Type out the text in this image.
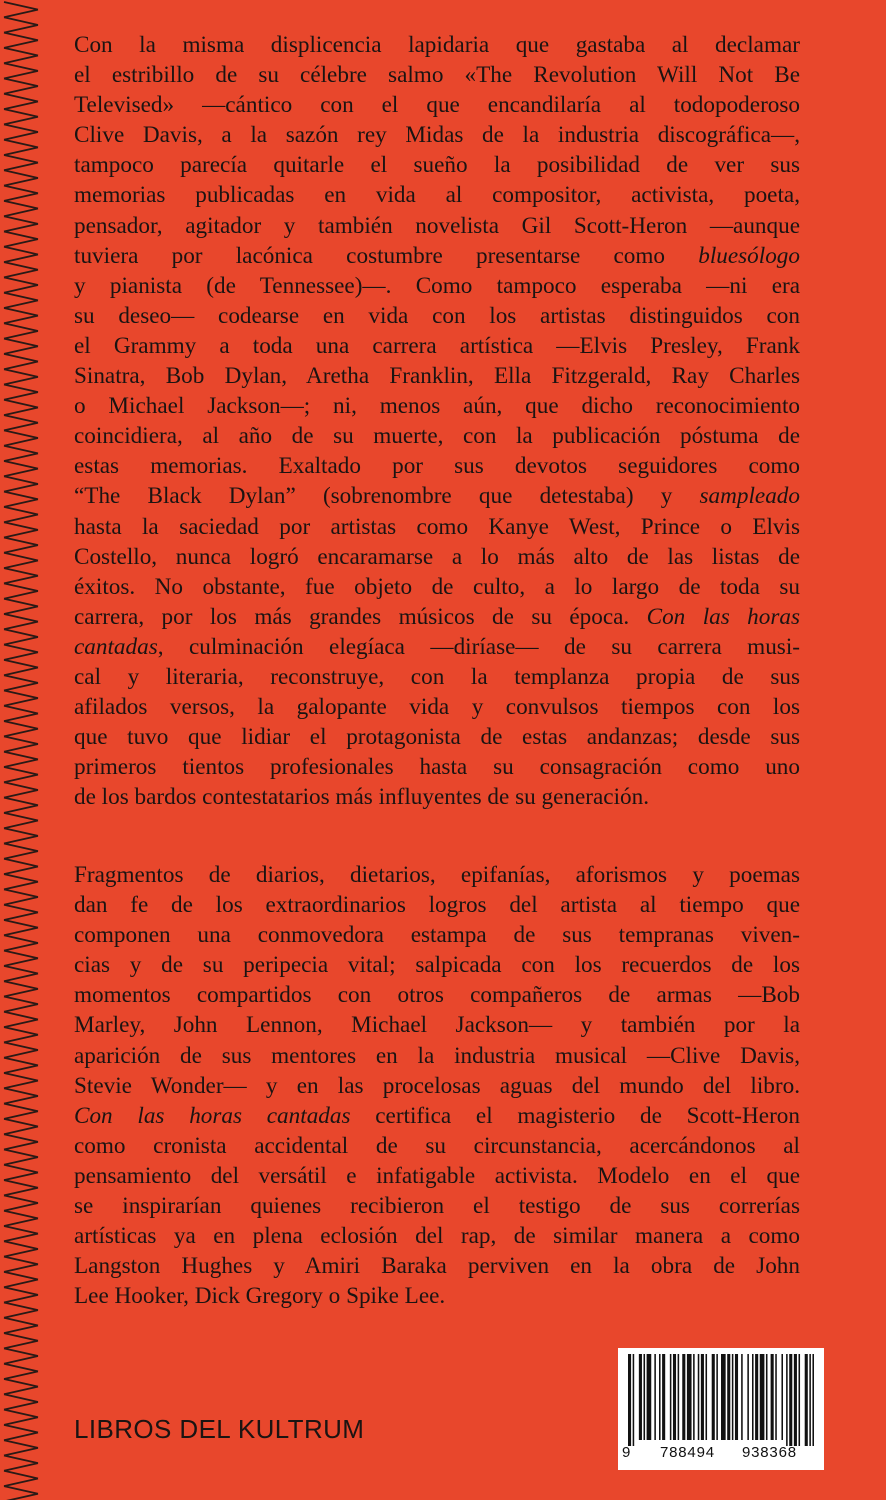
Con la misma displicencia lapidaria que gastaba al declamar

el estribillo de su célebre salmo «The Revolution Will Not Be

Televised» —cántico con el que encandilaría al todopoderoso

Clive Davis, a la sazón rey Midas de la industria discográfica—,

tampoco parecía quitarle el sueño la posibilidad de ver sus

memorias publicadas en vida al compositor, activista, poeta,

pensador, agitador y también novelista Gil Scott-Heron —aunque

tuviera por lacónica costumbre presentarse como bluesólogo

y pianista (de Tennessee)—. Como tampoco esperaba —ni era

su deseo— codearse en vida con los artistas distinguidos con

el Grammy a toda una carrera artística —Elvis Presley, Frank

Sinatra, Bob Dylan, Aretha Franklin, Ella Fitzgerald, Ray Charles

o Michael Jackson—; ni, menos aún, que dicho reconocimiento

coincidiera, al año de su muerte, con la publicación póstuma de

estas memorias. Exaltado por sus devotos seguidores como

“The Black Dylan” (sobrenombre que detestaba) y sampleado

hasta la saciedad por artistas como Kanye West, Prince o Elvis

Costello, nunca logró encaramarse a lo más alto de las listas de

éxitos. No obstante, fue objeto de culto, a lo largo de toda su

carrera, por los más grandes músicos de su época. Con las horas

cantadas, culminación elegíaca —diríase— de su carrera musi-

cal y literaria, reconstruye, con la templanza propia de sus

afilados versos, la galopante vida y convulsos tiempos con los

que tuvo que lidiar el protagonista de estas andanzas; desde sus

primeros tientos profesionales hasta su consagración como uno

de los bardos contestatarios más influyentes de su generación.

Fragmentos de diarios, dietarios, epifanías, aforismos y poemas

dan fe de los extraordinarios logros del artista al tiempo que

componen una conmovedora estampa de sus tempranas viven-

cias y de su peripecia vital; salpicada con los recuerdos de los

momentos compartidos con otros compañeros de armas —Bob

Marley, John Lennon, Michael Jackson— y también por la

aparición de sus mentores en la industria musical —Clive Davis,

Stevie Wonder— y en las procelosas aguas del mundo del libro.

Con las horas cantadas certifica el magisterio de Scott-Heron

como cronista accidental de su circunstancia, acercándonos al

pensamiento del versátil e infatigable activista. Modelo en el que

se inspirarían quienes recibieron el testigo de sus correrías

artísticas ya en plena eclosión del rap, de similar manera a como

Langston Hughes y Amiri Baraka perviven en la obra de John

Lee Hooker, Dick Gregory o Spike Lee.

LIBROS DEL KULTRUM
9 788494 938368
